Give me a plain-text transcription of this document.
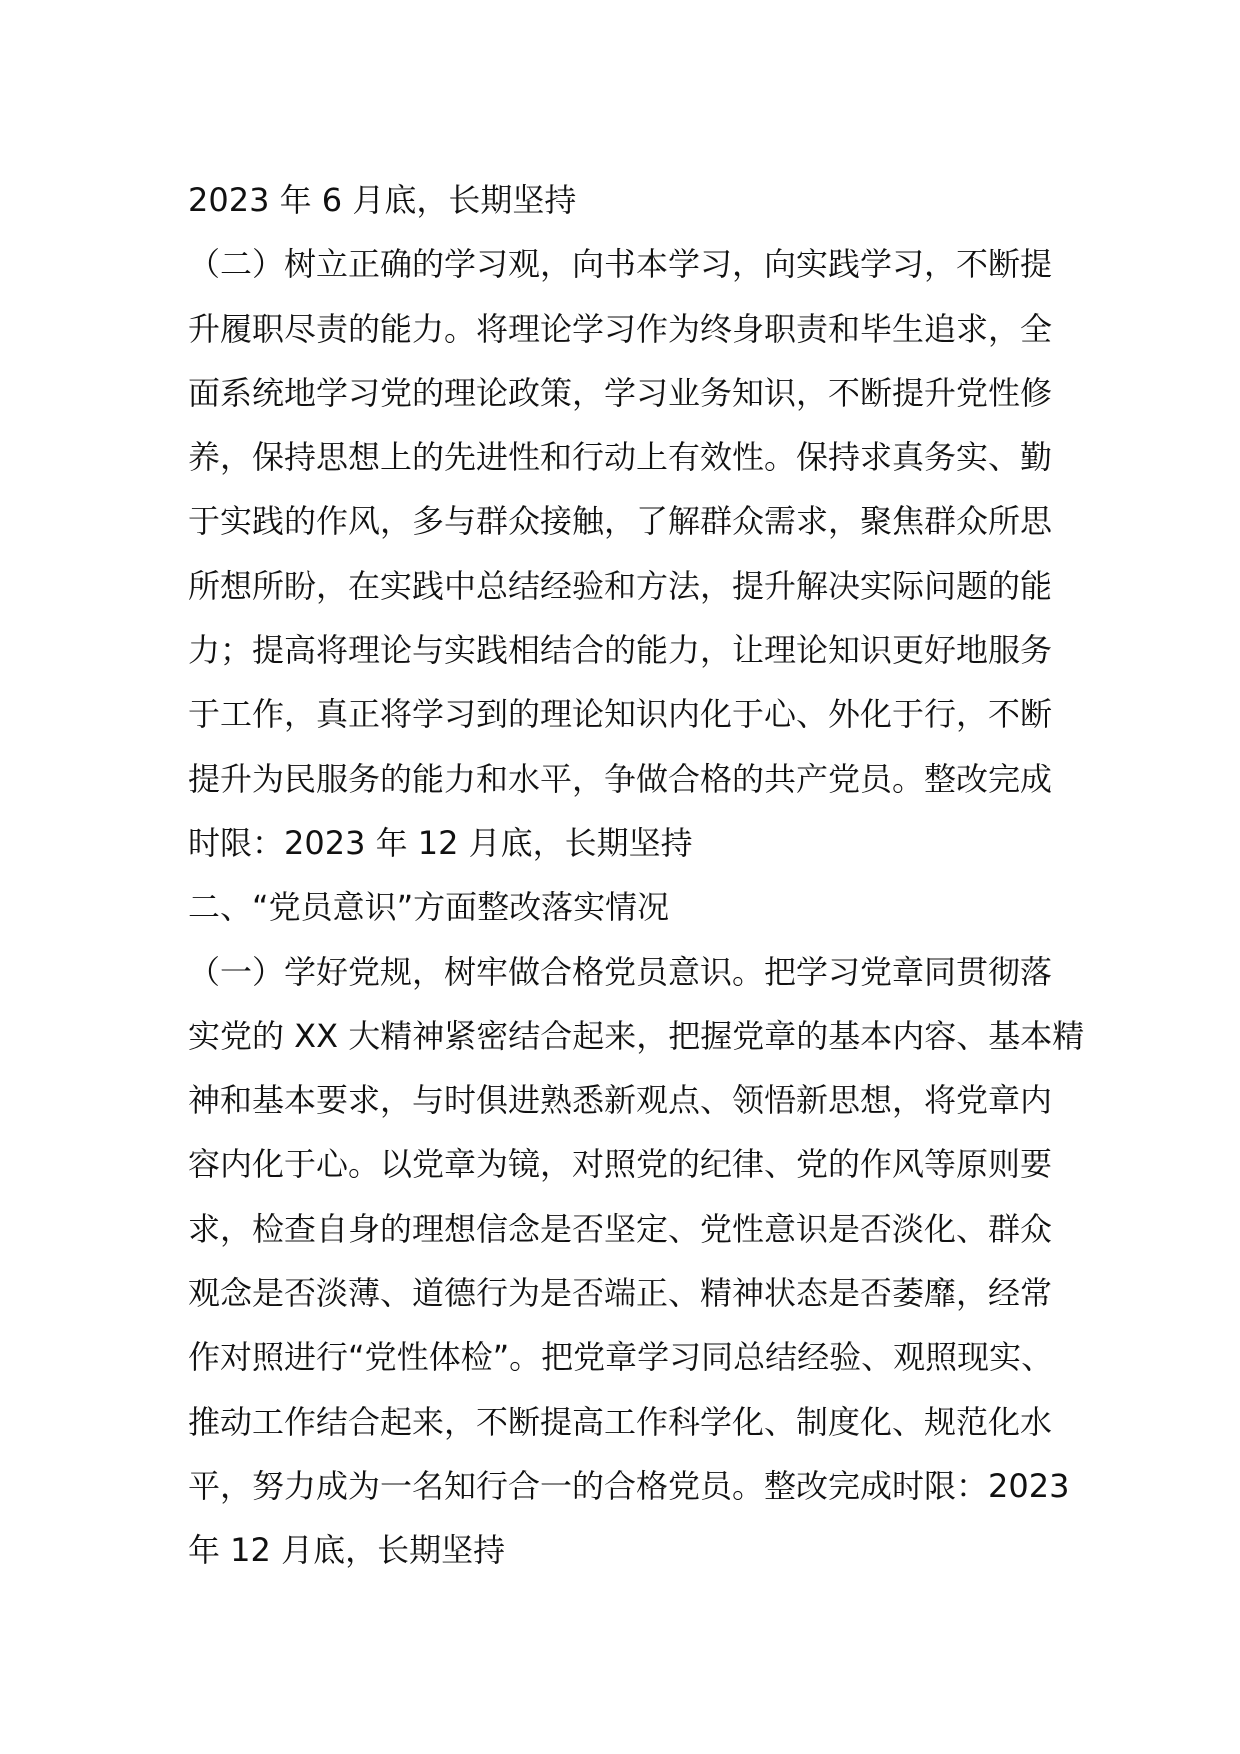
2023 年 6 月底，长期坚持
（二）树立正确的学习观，向书本学习，向实践学习，不断提
升履职尽责的能力。将理论学习作为终身职责和毕生追求，全
面系统地学习党的理论政策，学习业务知识，不断提升党性修
养，保持思想上的先进性和行动上有效性。保持求真务实、勤
于实践的作风，多与群众接触，了解群众需求，聚焦群众所思
所想所盼，在实践中总结经验和方法，提升解决实际问题的能
力；提高将理论与实践相结合的能力，让理论知识更好地服务
于工作，真正将学习到的理论知识内化于心、外化于行，不断
提升为民服务的能力和水平，争做合格的共产党员。整改完成
时限：2023 年 12 月底，长期坚持
二、“党员意识”方面整改落实情况
（一）学好党规，树牢做合格党员意识。把学习党章同贯彻落
实党的 XX 大精神紧密结合起来，把握党章的基本内容、基本精
神和基本要求，与时俱进熟悉新观点、领悟新思想，将党章内
容内化于心。以党章为镜，对照党的纪律、党的作风等原则要
求，检查自身的理想信念是否坚定、党性意识是否淡化、群众
观念是否淡薄、道德行为是否端正、精神状态是否萎靡，经常
作对照进行“党性体检”。把党章学习同总结经验、观照现实、
推动工作结合起来，不断提高工作科学化、制度化、规范化水
平，努力成为一名知行合一的合格党员。整改完成时限：2023
年 12 月底，长期坚持
